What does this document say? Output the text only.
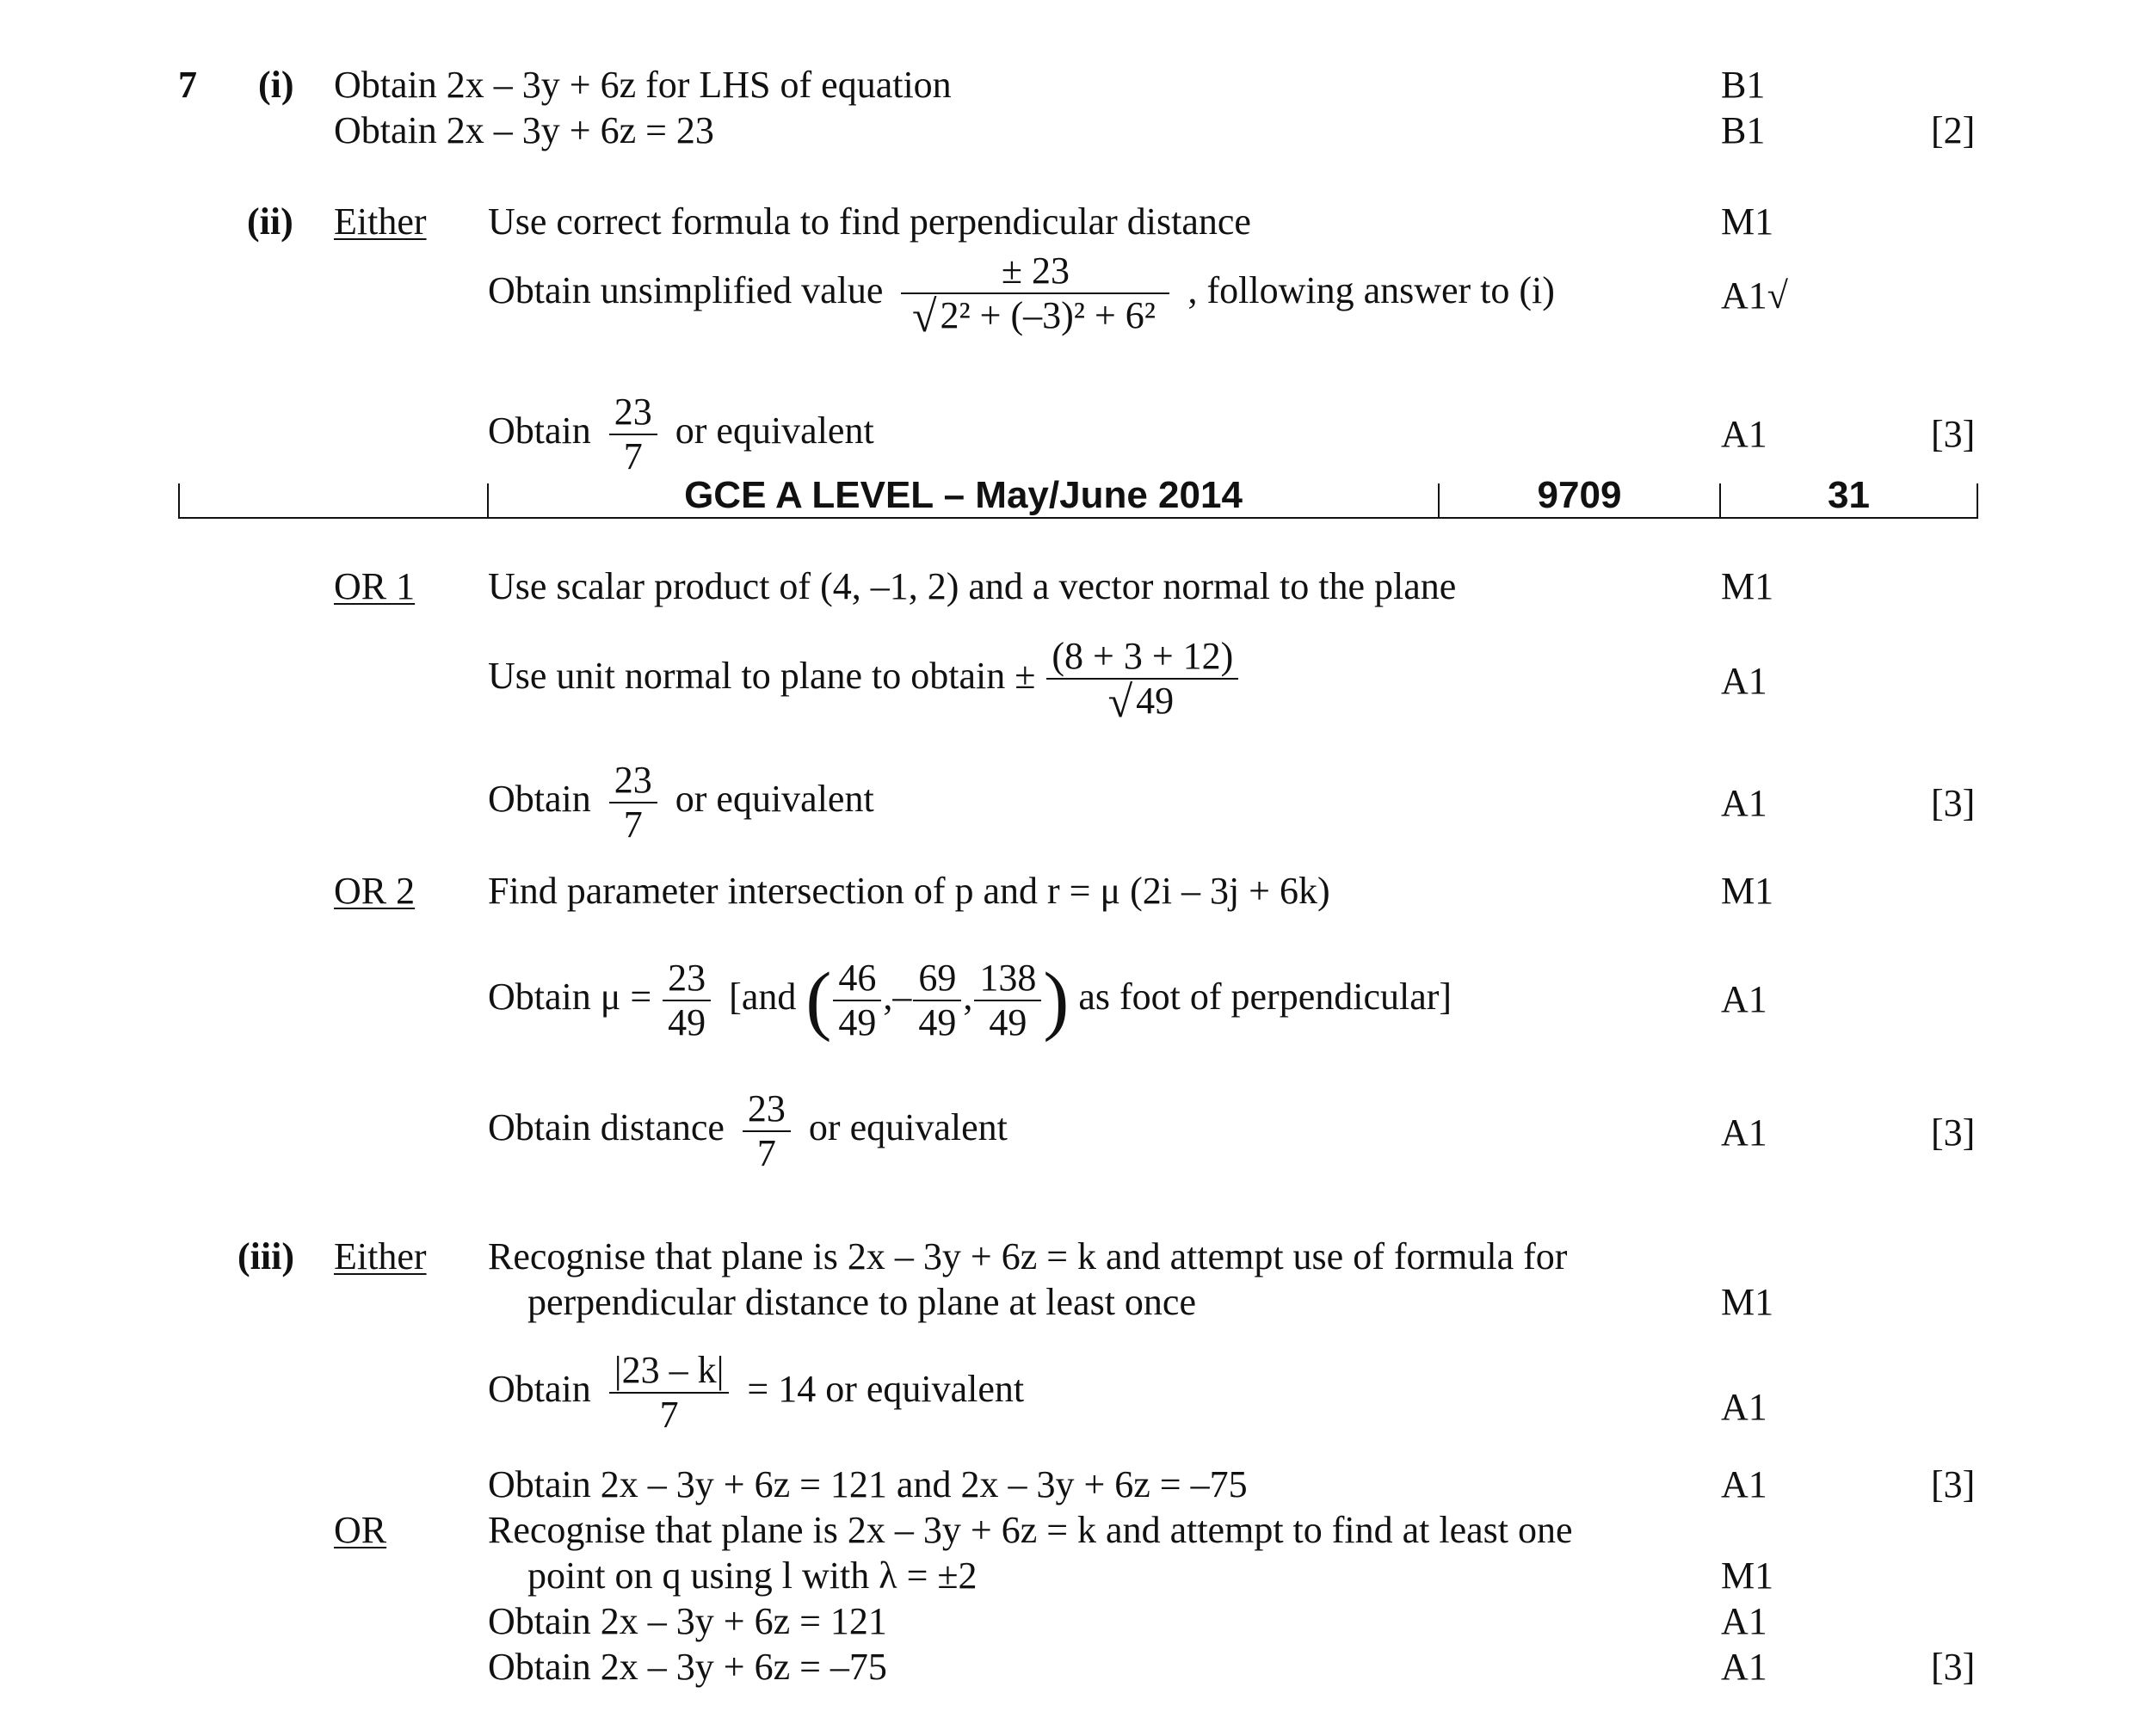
7 (i) Obtain 2x – 3y + 6z for LHS of equation	B1
Obtain 2x – 3y + 6z = 23	B1	[2]
(ii) Either Use correct formula to find perpendicular distance	M1
Obtain unsimplified value $\frac{\pm 23}{\text{√2² + (–3)² + 6²}}$ , following answer to (i)	A1√
Obtain $\frac{23}{7}$ or equivalent	A1	[3]
GCE A LEVEL – May/June 2014	9709	31
OR 1 Use scalar product of (4, –1, 2) and a vector normal to the plane	M1
Use unit normal to plane to obtain ± $\frac{(8 + 3 + 12)}{√49}$	A1
Obtain $\frac{23}{7}$ or equivalent	A1	[3]
OR 2 Find parameter intersection of p and r = μ (2i – 3j + 6k)	M1
Obtain $\mu = \frac{23}{49} [and$ ( $\frac{46}{49}$ ,– $\frac{69}{49}$ , $\frac{138}{49}$ ) as foot of perpendicular]	A1
Obtain distance $\frac{23}{7}$ or equivalent	A1	[3]
(iii) Either Recognise that plane is 2x – 3y + 6z = k and attempt use of formula for
perpendicular distance to plane at least once	M1
Obtain $\frac{|23 - k|}{7} = 14$ or equivalent	A1
Obtain 2x – 3y + 6z = 121 and 2x – 3y + 6z = –75	A1	[3]
OR	Recognise that plane is 2x – 3y + 6z = k and attempt to find at least one
point on q using l with λ = ±2	M1
Obtain 2x – 3y + 6z = 121	A1
Obtain 2x – 3y + 6z = –75	A1	[3]
